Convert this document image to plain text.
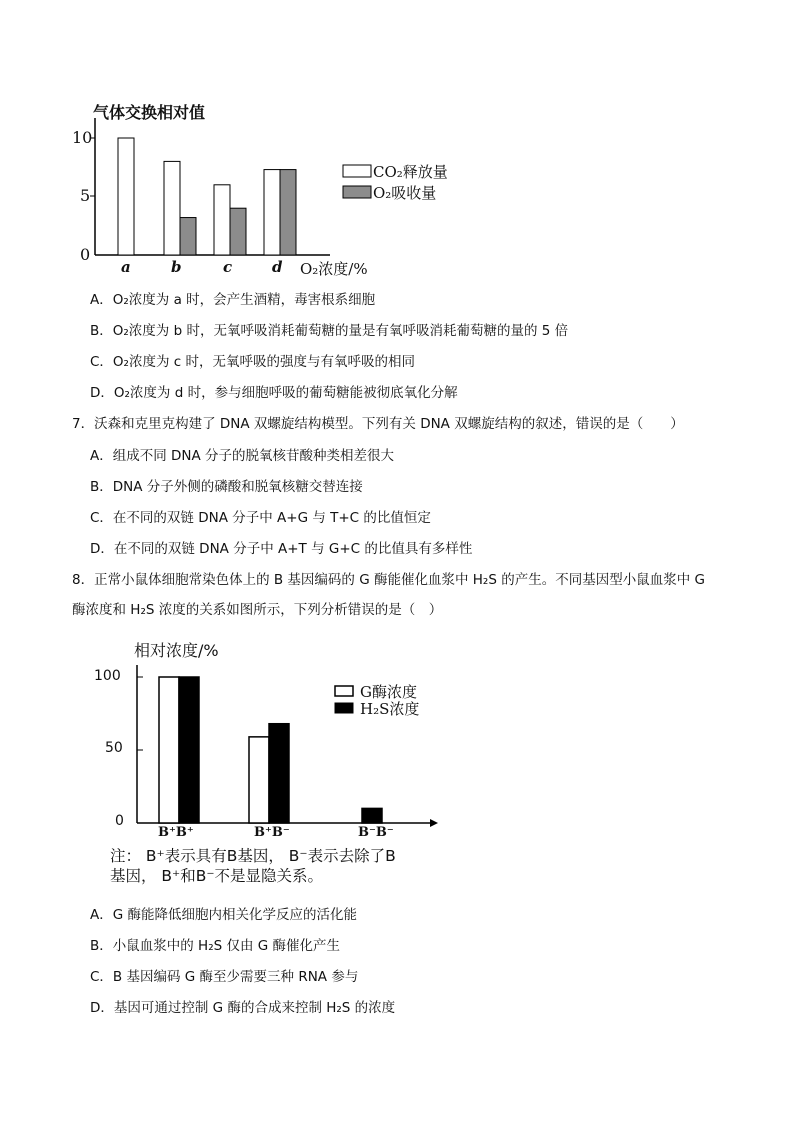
气体交换相对值
10
5
0
a	b	c	d O₂浓度/%
CO₂释放量
O₂吸收量
A．O₂浓度为 a 时，会产生酒精，毒害根系细胞
B．O₂浓度为 b 时，无氧呼吸消耗葡萄糖的量是有氧呼吸消耗葡萄糖的量的 5 倍
C．O₂浓度为 c 时，无氧呼吸的强度与有氧呼吸的相同
D．O₂浓度为 d 时，参与细胞呼吸的葡萄糖能被彻底氧化分解
7．沃森和克里克构建了 DNA 双螺旋结构模型。下列有关 DNA 双螺旋结构的叙述，错误的是（　　）
A．组成不同 DNA 分子的脱氧核苷酸种类相差很大
B．DNA 分子外侧的磷酸和脱氧核糖交替连接
C．在不同的双链 DNA 分子中 A+G 与 T+C 的比值恒定
D．在不同的双链 DNA 分子中 A+T 与 G+C 的比值具有多样性
8．正常小鼠体细胞常染色体上的 B 基因编码的 G 酶能催化血浆中 H₂S 的产生。不同基因型小鼠血浆中 G
酶浓度和 H₂S 浓度的关系如图所示，下列分析错误的是（　）
相对浓度/%
100
50
0
B⁺B⁺	B⁺B⁻	B⁻B⁻
G酶浓度
H₂S浓度
注： B⁺表示具有B基因， B⁻表示去除了B
基因， B⁺和B⁻不是显隐关系。
A．G 酶能降低细胞内相关化学反应的活化能
B．小鼠血浆中的 H₂S 仅由 G 酶催化产生
C．B 基因编码 G 酶至少需要三种 RNA 参与
D．基因可通过控制 G 酶的合成来控制 H₂S 的浓度
